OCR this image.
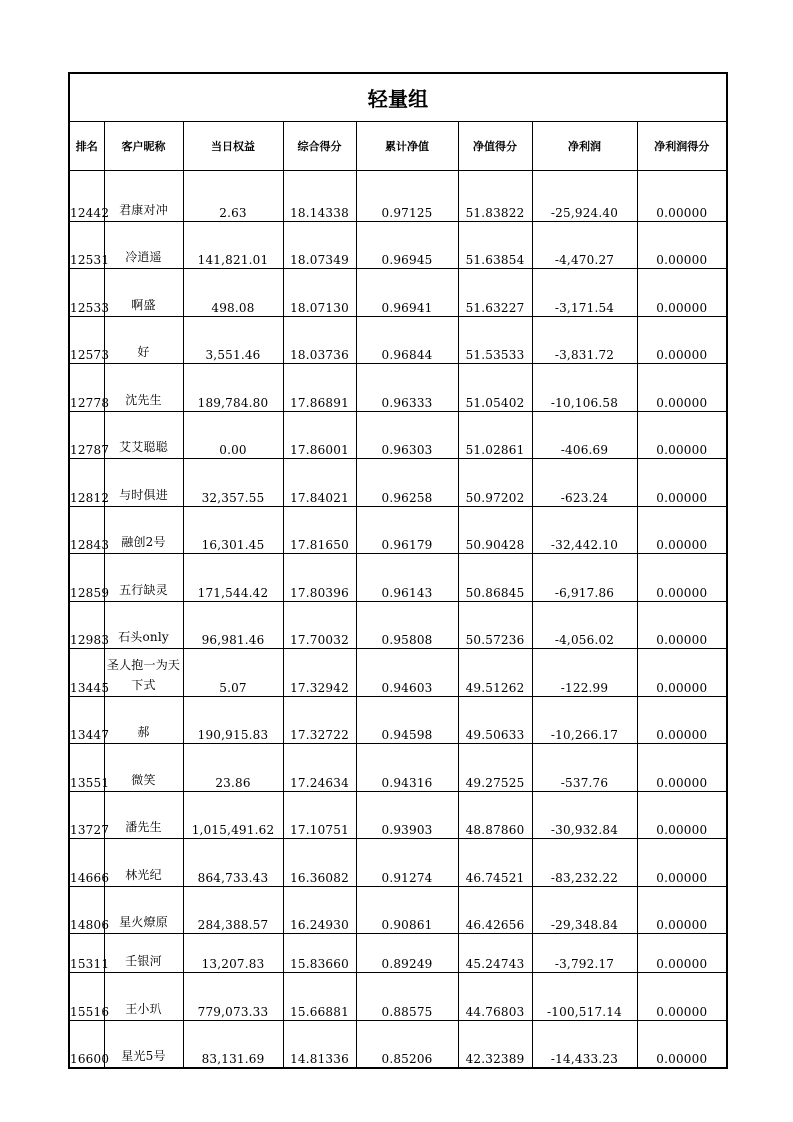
轻量组							
排名	客户昵称	当日权益	综合得分	累计净值	净值得分	净利润	净利润得分
12442	君康对冲	2.63	18.14338	0.97125	51.83822	-25,924.40	0.00000
12531	冷逍遥	141,821.01	18.07349	0.96945	51.63854	-4,470.27	0.00000
12533	啊盛	498.08	18.07130	0.96941	51.63227	-3,171.54	0.00000
12573	好	3,551.46	18.03736	0.96844	51.53533	-3,831.72	0.00000
12778	沈先生	189,784.80	17.86891	0.96333	51.05402	-10,106.58	0.00000
12787	艾艾聪聪	0.00	17.86001	0.96303	51.02861	-406.69	0.00000
12812	与时俱进	32,357.55	17.84021	0.96258	50.97202	-623.24	0.00000
12843	融创2号	16,301.45	17.81650	0.96179	50.90428	-32,442.10	0.00000
12859	五行缺灵	171,544.42	17.80396	0.96143	50.86845	-6,917.86	0.00000
12983	石头only	96,981.46	17.70032	0.95808	50.57236	-4,056.02	0.00000
13445	圣人抱一为天下式	5.07	17.32942	0.94603	49.51262	-122.99	0.00000
13447	郝	190,915.83	17.32722	0.94598	49.50633	-10,266.17	0.00000
13551	微笑	23.86	17.24634	0.94316	49.27525	-537.76	0.00000
13727	潘先生	1,015,491.62	17.10751	0.93903	48.87860	-30,932.84	0.00000
14666	林光纪	864,733.43	16.36082	0.91274	46.74521	-83,232.22	0.00000
14806	星火燎原	284,388.57	16.24930	0.90861	46.42656	-29,348.84	0.00000
15311	壬银河	13,207.83	15.83660	0.89249	45.24743	-3,792.17	0.00000
15516	王小玐	779,073.33	15.66881	0.88575	44.76803	-100,517.14	0.00000
16600	星光5号	83,131.69	14.81336	0.85206	42.32389	-14,433.23	0.00000
